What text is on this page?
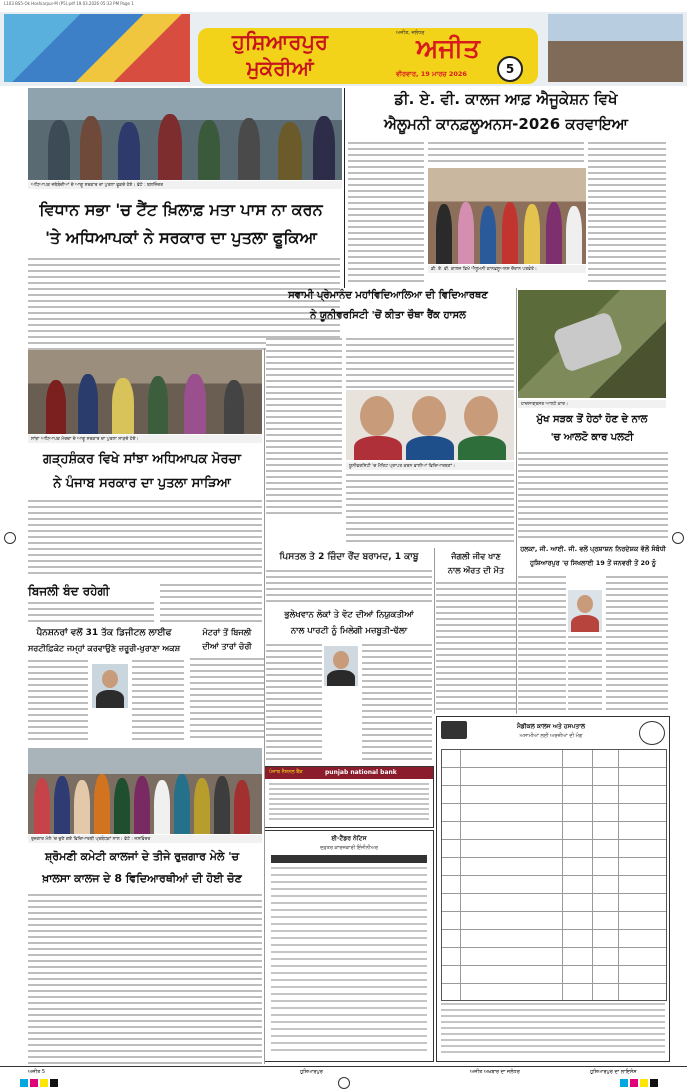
L103 BS5-Ok Hoshiarpur-M (P5).pdf 19.03.2026 05:33 PM Page 1
ਹੁਸ਼ਿਆਰਪੁਰ
ਮੁਕੇਰੀਆਂ
ਅਜੀਤ, ਜਲੰਧਰ
ਅਜੀਤ
ਵੀਰਵਾਰ, 19 ਮਾਰਚ 2026	5
ਅਧਿਆਪਕ ਜਥੇਬੰਦੀਆਂ ਦੇ ਆਗੂ ਸਰਕਾਰ ਦਾ ਪੁਤਲਾ ਫੂਕਦੇ ਹੋਏ। ਫੋਟੋ : ਬਲਜਿੰਦਰ
ਵਿਧਾਨ ਸਭਾ 'ਚ ਟੈਂਟ ਖ਼ਿਲਾਫ਼ ਮਤਾ ਪਾਸ ਨਾ ਕਰਨ
'ਤੇ ਅਧਿਆਪਕਾਂ ਨੇ ਸਰਕਾਰ ਦਾ ਪੁਤਲਾ ਫੂਕਿਆ
ਸਾਂਝਾ ਅਧਿਆਪਕ ਮੋਰਚਾ ਦੇ ਆਗੂ ਸਰਕਾਰ ਦਾ ਪੁਤਲਾ ਸਾੜਦੇ ਹੋਏ।
ਗੜ੍ਹਸ਼ੰਕਰ ਵਿਖੇ ਸਾਂਝਾ ਅਧਿਆਪਕ ਮੋਰਚਾ
ਨੇ ਪੰਜਾਬ ਸਰਕਾਰ ਦਾ ਪੁਤਲਾ ਸਾੜਿਆ
ਬਿਜਲੀ ਬੰਦ ਰਹੇਗੀ
ਪੈਨਸ਼ਨਰਾਂ ਵਲੋਂ 31 ਤੱਕ ਡਿਜੀਟਲ ਲਾਈਫ
ਸਰਟੀਫ਼ਿਕੇਟ ਜਮ੍ਹਾਂ ਕਰਵਾਉਣੇ ਜ਼ਰੂਰੀ-ਖੁਰਾਣਾ ਅਕਸ਼
ਮੋਟਰਾਂ ਤੋਂ ਬਿਜਲੀ
ਦੀਆਂ ਤਾਰਾਂ ਚੋਰੀ
ਰੁਜ਼ਗਾਰ ਮੇਲੇ 'ਚ ਚੁਣੇ ਗਏ ਵਿਦਿਆਰਥੀ ਪ੍ਰਬੰਧਕਾਂ ਨਾਲ। ਫੋਟੋ : ਜਸਵਿੰਦਰ
ਸ਼੍ਰੋਮਣੀ ਕਮੇਟੀ ਕਾਲਜਾਂ ਦੇ ਤੀਜੇ ਰੁਜ਼ਗਾਰ ਮੇਲੇ 'ਚ
ਖ਼ਾਲਸਾ ਕਾਲਜ ਦੇ 8 ਵਿਦਿਆਰਥੀਆਂ ਦੀ ਹੋਈ ਚੋਣ
ਡੀ. ਏ. ਵੀ. ਕਾਲਜ ਆਫ਼ ਐਜੂਕੇਸ਼ਨ ਵਿਖੇ
ਐਲੂਮਨੀ ਕਾਨਫ਼ਲੂਅਨਸ-2026 ਕਰਵਾਇਆ
ਡੀ. ਏ. ਵੀ. ਕਾਲਜ ਵਿਖੇ ਐਲੂਮਨੀ ਕਾਨਫ਼ਲੂਅਨਸ ਦੌਰਾਨ ਪਤਵੰਤੇ।
ਸਵਾਮੀ ਪ੍ਰੇਮਾਨੰਦ ਮਹਾਂਵਿਦਿਆਲਿਆ ਦੀ ਵਿਦਿਆਰਥਣ
ਨੇ ਯੂਨੀਵਰਸਿਟੀ 'ਚੋਂ ਕੀਤਾ ਚੌਥਾ ਰੈਂਕ ਹਾਸਲ
ਯੂਨੀਵਰਸਿਟੀ 'ਚ ਮੈਰਿਟ ਪ੍ਰਾਪਤ ਕਰਨ ਵਾਲੀਆਂ ਵਿਦਿਆਰਥਣਾਂ।
ਹਾਦਸਾਗ੍ਰਸਤ ਆਲਟੋ ਕਾਰ।
ਮੁੱਖ ਸੜਕ ਤੋਂ ਹੇਠਾਂ ਹੋਣ ਦੇ ਨਾਲ
'ਚ ਆਲਟੋ ਕਾਰ ਪਲਟੀ
ਪਿਸਤਲ ਤੇ 2 ਜ਼ਿੰਦਾ ਰੌਂਦ ਬਰਾਮਦ, 1 ਕਾਬੂ	ਜੰਗਲੀ ਜੀਵ ਖਾਣ
ਨਾਲ ਔਰਤ ਦੀ ਮੌਤ
ਹਲਕਾ, ਜੀ. ਆਈ. ਜੀ. ਵਲੋਂ ਪ੍ਰਸ਼ਾਸ਼ਨ ਨਿਰਦੇਸ਼ਕ ਵੱਲੋਂ ਸੰਬੰਧੀ
ਹੁਸ਼ਿਆਰਪੁਰ 'ਚ ਸਿਖਲਾਈ 19 ਤੋਂ ਜਨਵਰੀ ਤੋਂ 20 ਨੂੰ
ਭੁਲੇਖਵਾਨ ਲੋਕਾਂ ਤੇ ਵੋਟ ਦੀਆਂ ਨਿਯੁਕਤੀਆਂ
ਨਾਲ ਪਾਰਟੀ ਨੂੰ ਮਿਲੇਗੀ ਮਜ਼ਬੂਤੀ-ਢੱਲਾ
punjab national bank
ਪੰਜਾਬ ਨੈਸ਼ਨਲ ਬੈਂਕ
ਈ-ਟੈਂਡਰ ਨੋਟਿਸ
ਦਫ਼ਤਰ ਕਾਰਜਕਾਰੀ ਇੰਜੀਨੀਅਰ
ਮੈਡੀਕਲ ਕਾਲਜ ਅਤੇ ਹਸਪਤਾਲ
ਅਸਾਮੀਆਂ ਲਈ ਅਰਜ਼ੀਆਂ ਦੀ ਮੰਗ
ਅਜੀਤ 5	ਹੁਸ਼ਿਆਰਪੁਰ	ਅਜੀਤ ਅਖ਼ਬਾਰ ਦਾ ਜਲੰਧਰ	ਹੁਸ਼ਿਆਰਪੁਰ ਦਾ ਲਾਇਸੰਸ
